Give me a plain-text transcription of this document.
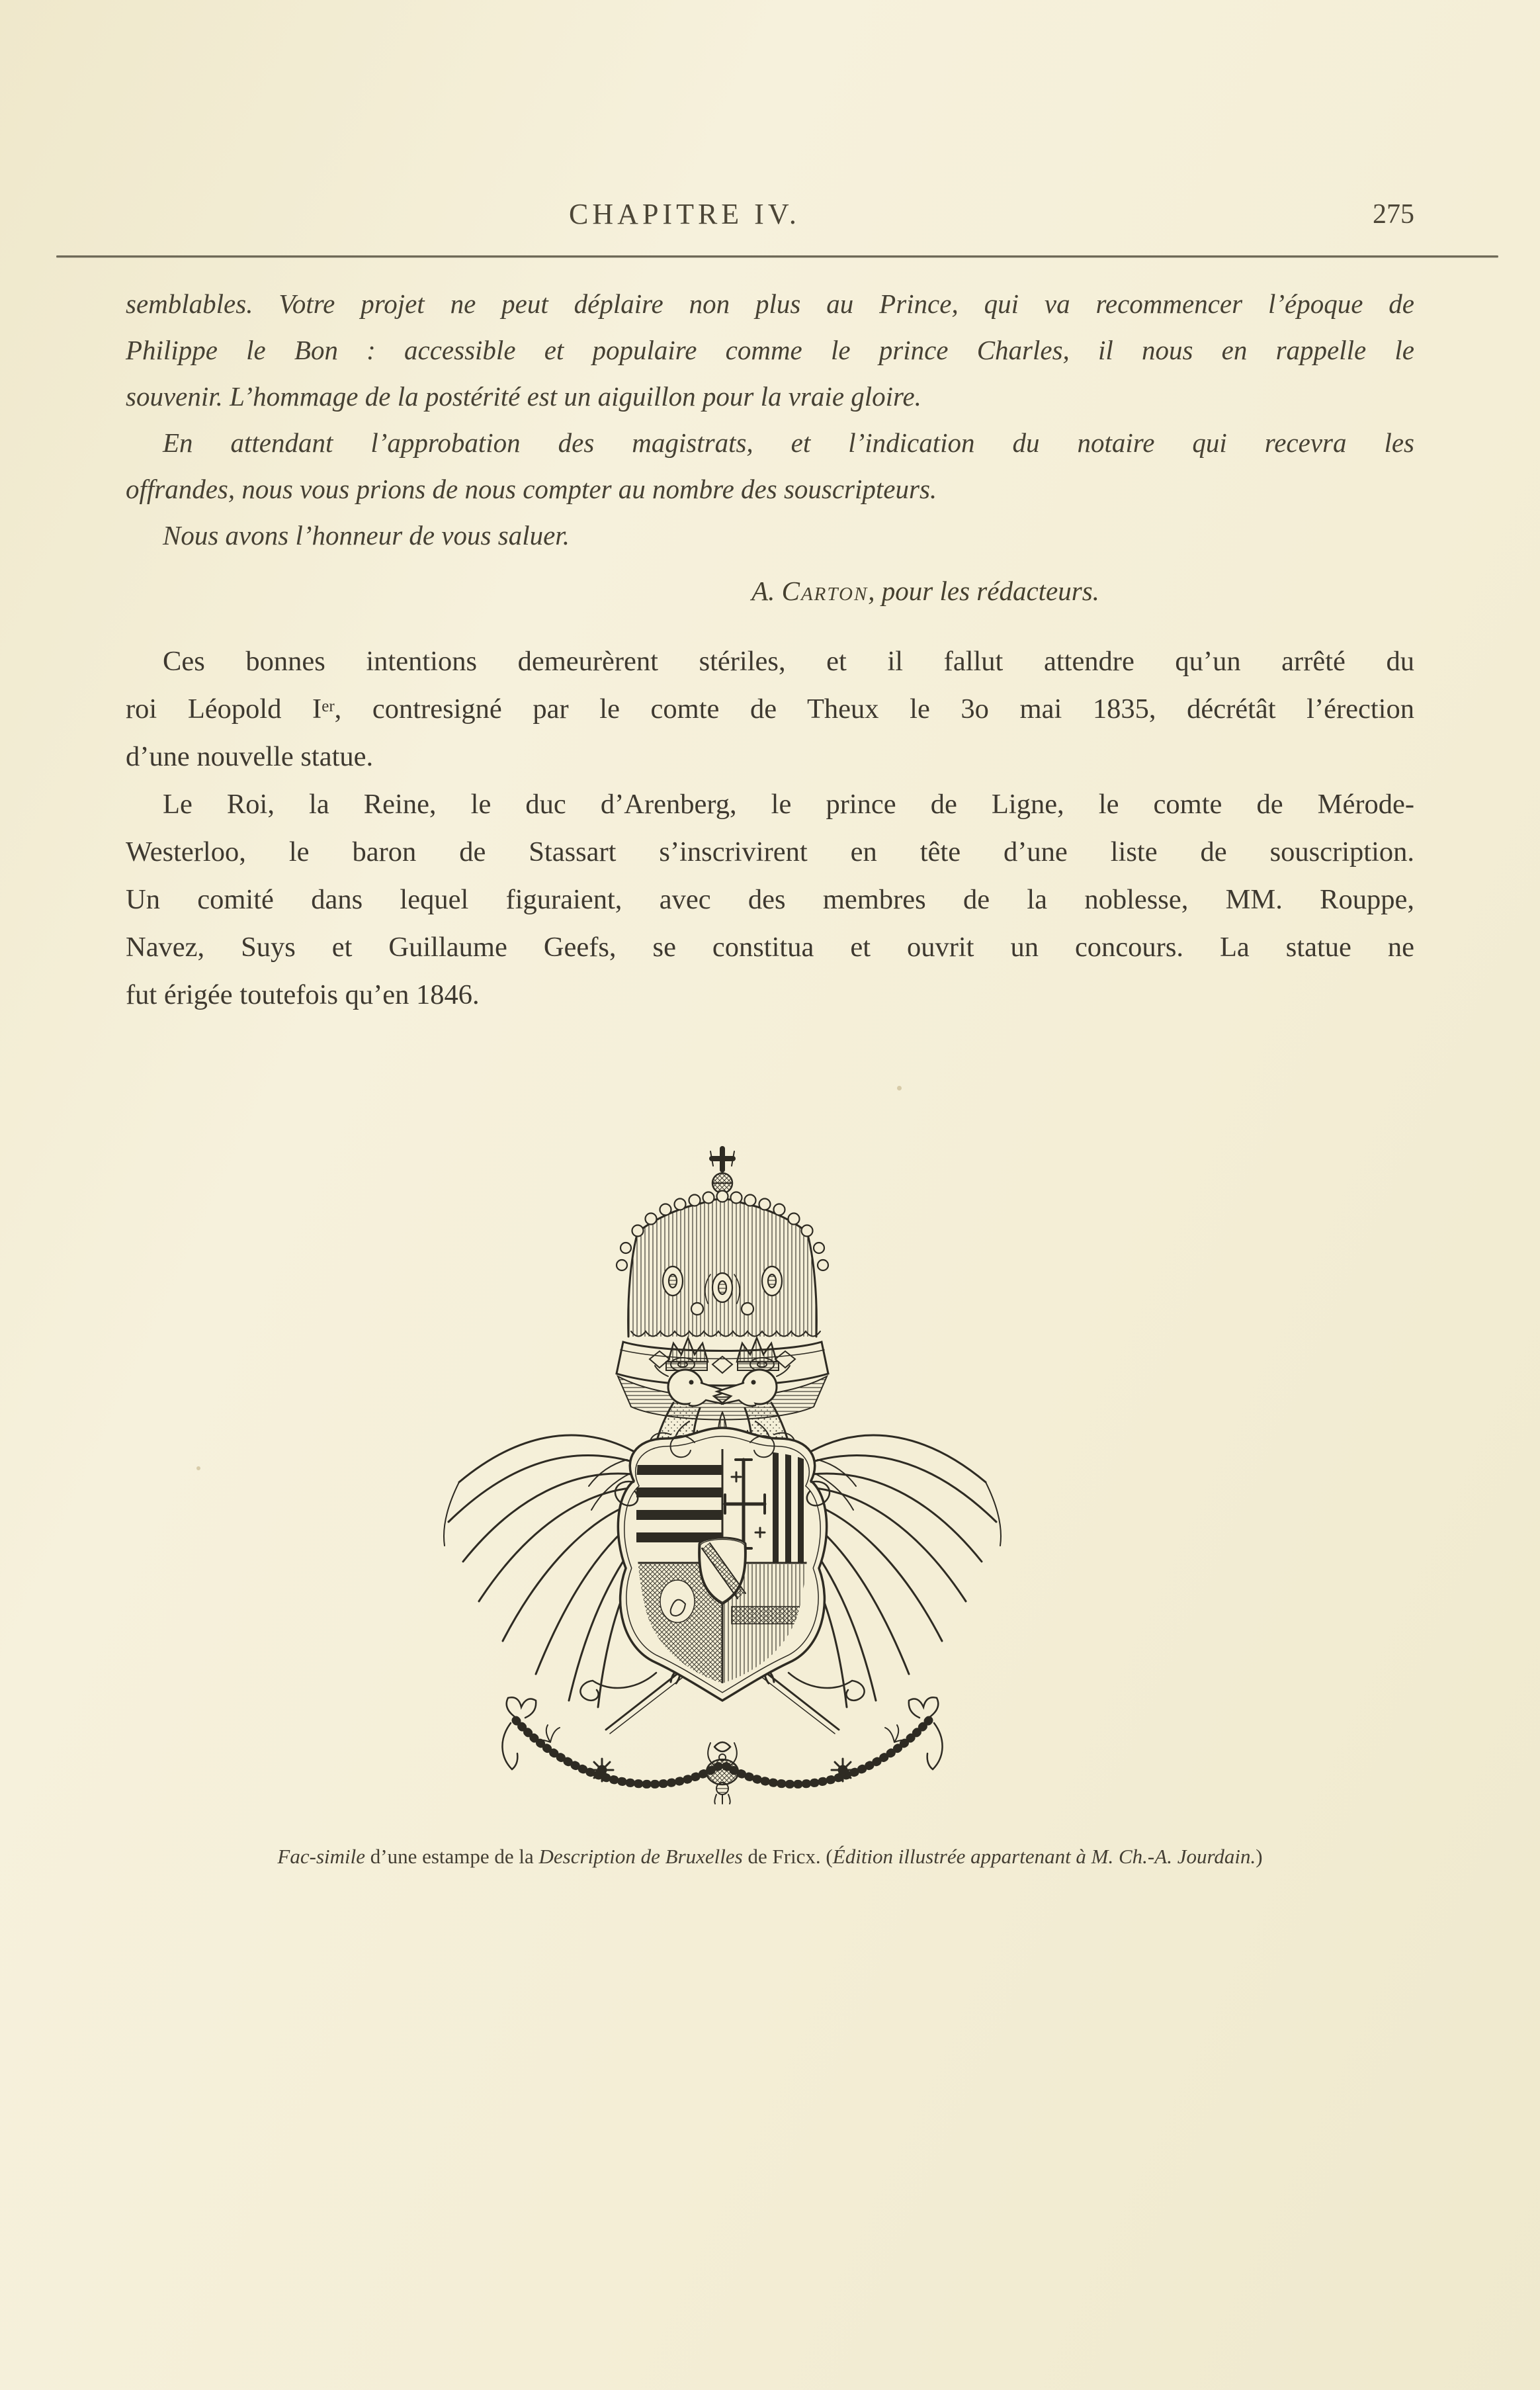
CHAPITRE IV.	275
semblables. Votre projet ne peut déplaire non plus au Prince, qui va recommencer l’époque de
Philippe le Bon : accessible et populaire comme le prince Charles, il nous en rappelle le
souvenir. L’hommage de la postérité est un aiguillon pour la vraie gloire.
En attendant l’approbation des magistrats, et l’indication du notaire qui recevra les
offrandes, nous vous prions de nous compter au nombre des souscripteurs.
Nous avons l’honneur de vous saluer.
A. Carton, pour les rédacteurs.
Ces bonnes intentions demeurèrent stériles, et il fallut attendre qu’un arrêté du
roi Léopold Ier, contresigné par le comte de Theux le 3o mai 1835, décrétât l’érection
d’une nouvelle statue.
Le Roi, la Reine, le duc d’Arenberg, le prince de Ligne, le comte de Mérode-
Westerloo, le baron de Stassart s’inscrivirent en tête d’une liste de souscription.
Un comité dans lequel figuraient, avec des membres de la noblesse, MM. Rouppe,
Navez, Suys et Guillaume Geefs, se constitua et ouvrit un concours. La statue ne
fut érigée toutefois qu’en 1846.
Fac-simile d’une estampe de la Description de Bruxelles de Fricx. (Édition illustrée appartenant à M. Ch.-A. Jourdain.)
